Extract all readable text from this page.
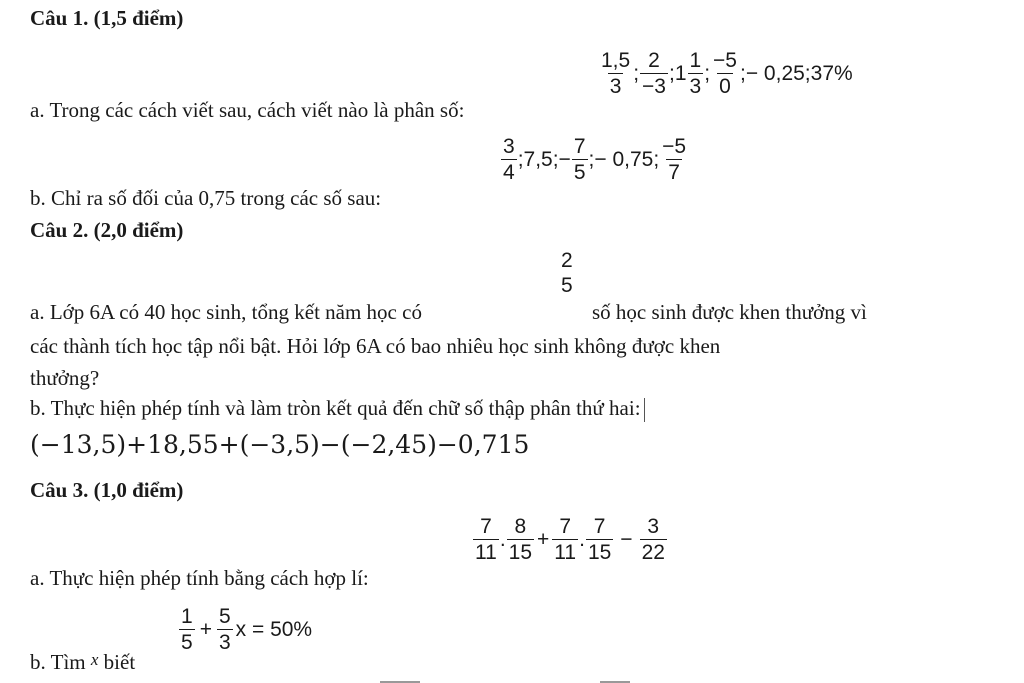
Câu 1. (1,5 điểm)
a. Trong các cách viết sau, cách viết nào là phân số:
$\frac{1,5}{3}$ ; $\frac{2}{-3}$ ;1 $\frac{1}{3}$ ; $\frac{-5}{0}$ ;− 0,25;37%
b. Chỉ ra số đối của 0,75 trong các số sau:
$\frac{3}{4}$ ;7,5;− $\frac{7}{5}$ ;− 0,75; $\frac{-5}{7}$
Câu 2. (2,0 điểm)
a. Lớp 6A có 40 học sinh, tổng kết năm học có
2
5
số học sinh được khen thưởng vì
các thành tích học tập nổi bật. Hỏi lớp 6A có bao nhiêu học sinh không được khen
thưởng?
b. Thực hiện phép tính và làm tròn kết quả đến chữ số thập phân thứ hai:
(−13,5)+18,55+(−3,5)−(−2,45)−0,715
Câu 3. (1,0 điểm)
a. Thực hiện phép tính bằng cách hợp lí:
$\frac{7}{11}$ . $\frac{8}{15} + \frac{7}{11}$ . $\frac{7}{15} - \frac{3}{22}$
b. Tìm x biết
$\frac{1}{5} + \frac{5}{3}$ x = 50%
